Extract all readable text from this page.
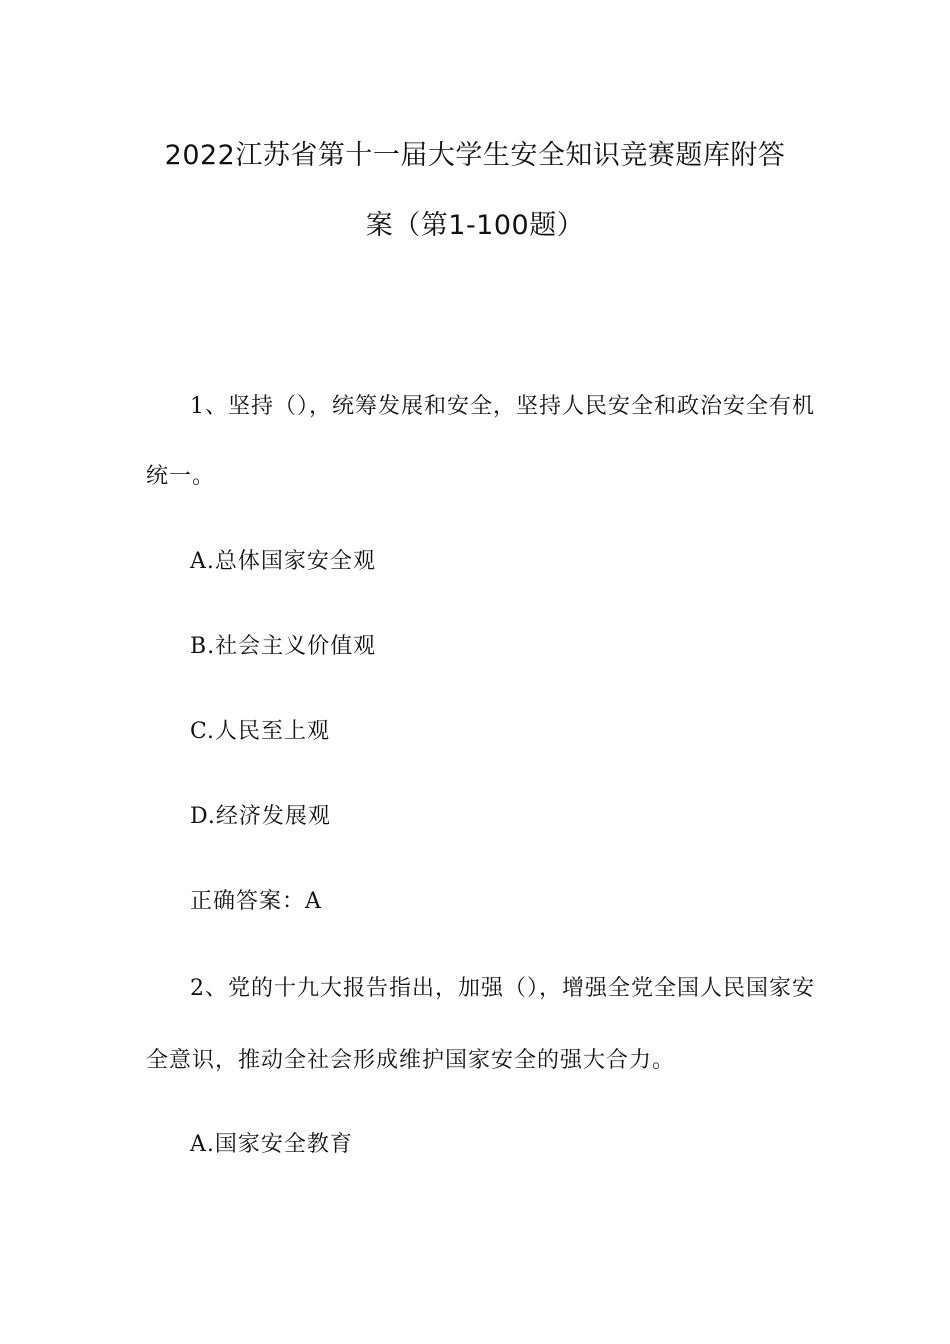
2022江苏省第十一届大学生安全知识竞赛题库附答
案（第1-100题）
1、坚持（），统筹发展和安全，坚持人民安全和政治安全有机
统一。
A.总体国家安全观
B.社会主义价值观
C.人民至上观
D.经济发展观
正确答案：A
2、党的十九大报告指出，加强（），增强全党全国人民国家安
全意识，推动全社会形成维护国家安全的强大合力。
A.国家安全教育
